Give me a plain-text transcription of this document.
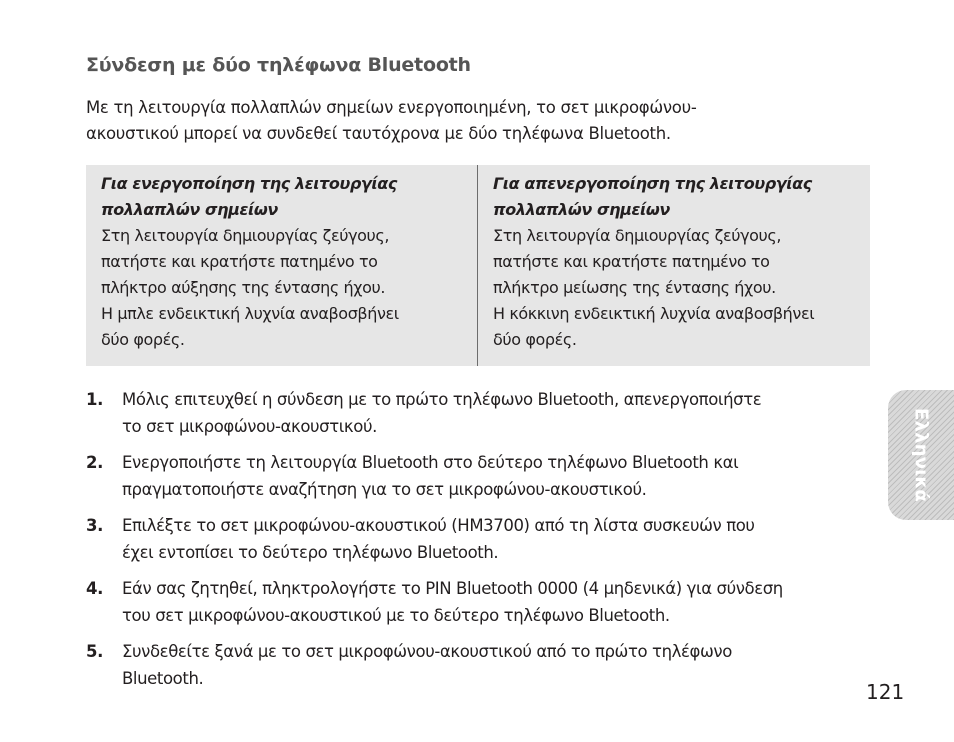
Σύνδεση με δύο τηλέφωνα Bluetooth
Με τη λειτουργία πολλαπλών σημείων ενεργοποιημένη, το σετ μικροφώνου-
ακουστικού μπορεί να συνδεθεί ταυτόχρονα με δύο τηλέφωνα Bluetooth.
Για ενεργοποίηση της λειτουργίας
πολλαπλών σημείων
Στη λειτουργία δημιουργίας ζεύγους,
πατήστε και κρατήστε πατημένο το
πλήκτρο αύξησης της έντασης ήχου.
Η μπλε ενδεικτική λυχνία αναβοσβήνει
δύο φορές.
Για απενεργοποίηση της λειτουργίας
πολλαπλών σημείων
Στη λειτουργία δημιουργίας ζεύγους,
πατήστε και κρατήστε πατημένο το
πλήκτρο μείωσης της έντασης ήχου.
Η κόκκινη ενδεικτική λυχνία αναβοσβήνει
δύο φορές.
1. Μόλις επιτευχθεί η σύνδεση με το πρώτο τηλέφωνο Bluetooth, απενεργοποιήστε
το σετ μικροφώνου-ακουστικού.
2. Ενεργοποιήστε τη λειτουργία Bluetooth στο δεύτερο τηλέφωνο Bluetooth και
πραγματοποιήστε αναζήτηση για το σετ μικροφώνου-ακουστικού.
3. Επιλέξτε το σετ μικροφώνου-ακουστικού (HM3700) από τη λίστα συσκευών που
έχει εντοπίσει το δεύτερο τηλέφωνο Bluetooth.
4. Εάν σας ζητηθεί, πληκτρολογήστε το PIN Bluetooth 0000 (4 μηδενικά) για σύνδεση
του σετ μικροφώνου-ακουστικού με το δεύτερο τηλέφωνο Bluetooth.
5. Συνδεθείτε ξανά με το σετ μικροφώνου-ακουστικού από το πρώτο τηλέφωνο
Bluetooth.
Ελληνικά
121
